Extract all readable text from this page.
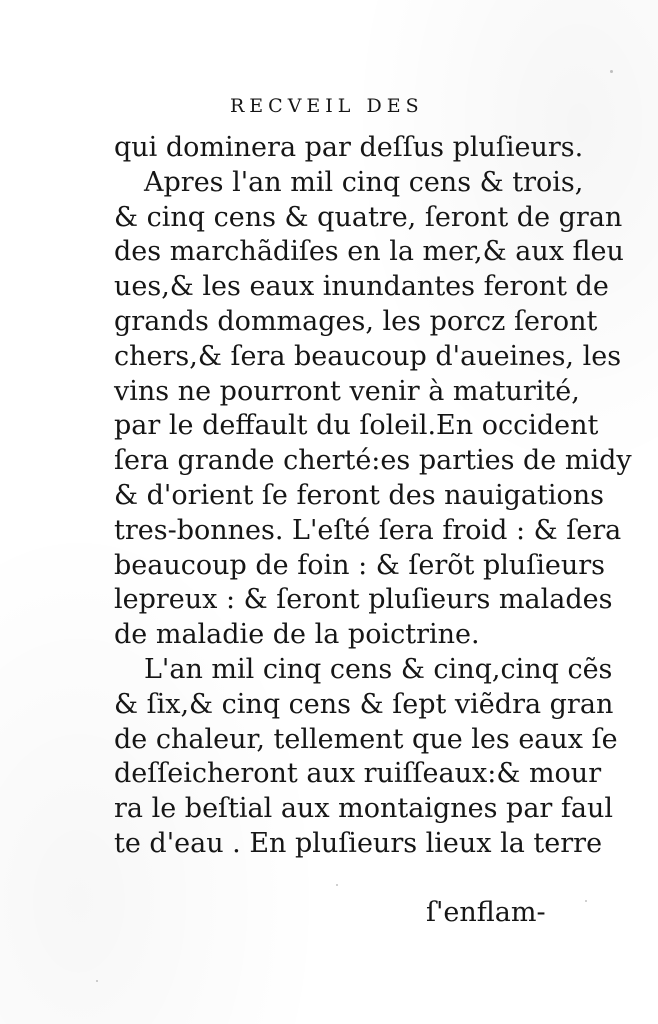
RECVEIL DES
qui dominera par deſſus pluſieurs.
Apres l'an mil cinq cens & trois,
& cinq cens & quatre, ſeront de gran
des marchãdiſes en la mer,& aux fleu
ues,& les eaux inundantes feront de
grands dommages, les porcz ſeront
chers,& ſera beaucoup d'aueines, les
vins ne pourront venir à maturité,
par le deffault du ſoleil.En occident
ſera grande cherté:es parties de midy
& d'orient ſe feront des nauigations
tres-bonnes. L'eſté ſera froid : & ſera
beaucoup de foin : & ſerõt pluſieurs
lepreux : & ſeront pluſieurs malades
de maladie de la poictrine.
L'an mil cinq cens & cinq,cinq cẽs
& ſix,& cinq cens & ſept viẽdra gran
de chaleur, tellement que les eaux ſe
deſſeicheront aux ruiſſeaux:& mour
ra le beſtial aux montaignes par faul
te d'eau . En pluſieurs lieux la terre
ſ'enflam-
